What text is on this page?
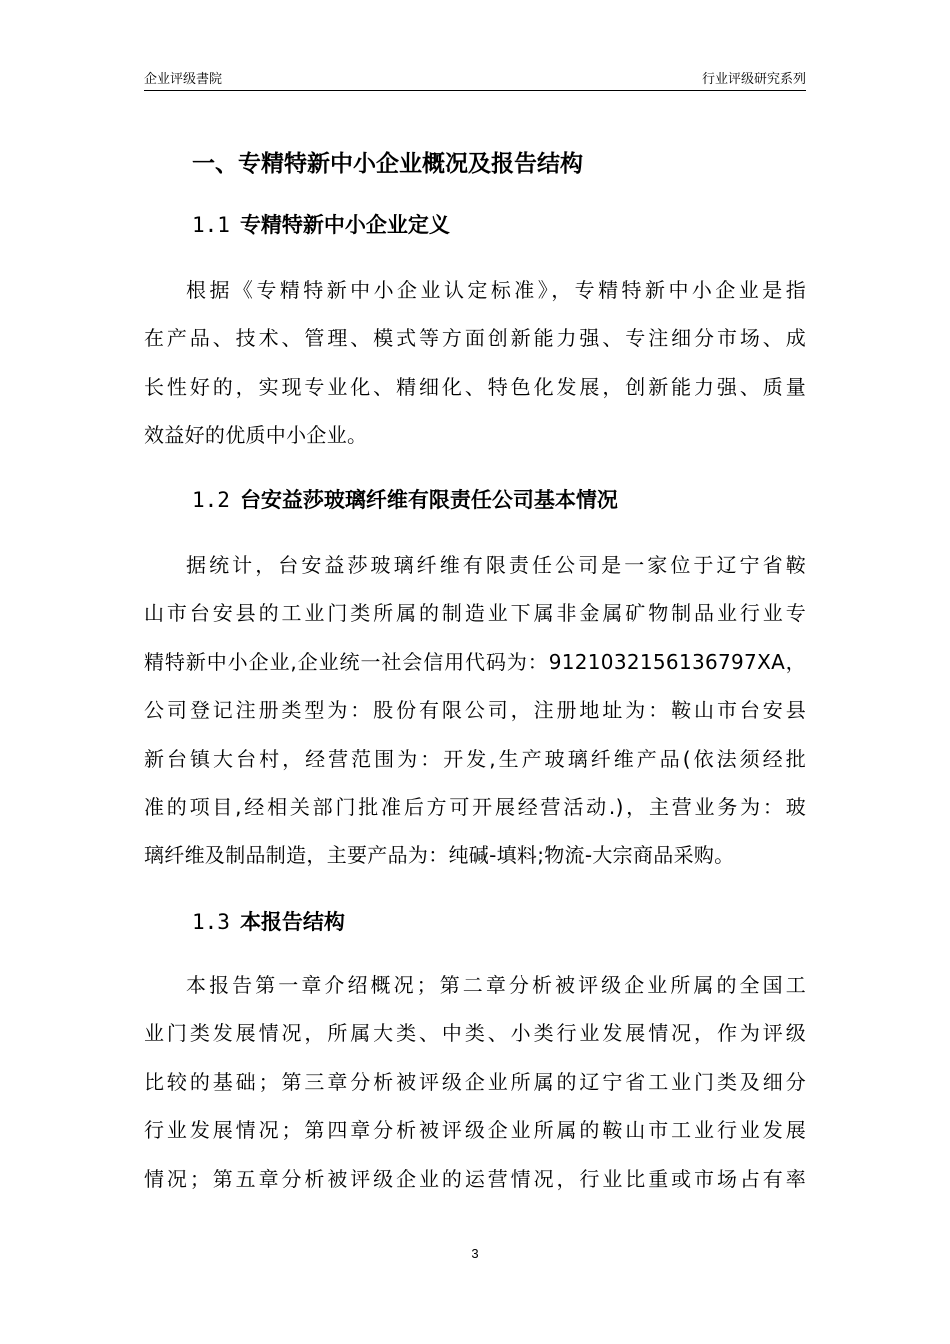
企业评级書院	行业评级研究系列
一、专精特新中小企业概况及报告结构
1.1 专精特新中小企业定义
根据《专精特新中小企业认定标准》，专精特新中小企业是指
在产品、技术、管理、模式等方面创新能力强、专注细分市场、成
长性好的，实现专业化、精细化、特色化发展，创新能力强、质量
效益好的优质中小企业。
1.2 台安益莎玻璃纤维有限责任公司基本情况
据统计，台安益莎玻璃纤维有限责任公司是一家位于辽宁省鞍
山市台安县的工业门类所属的制造业下属非金属矿物制品业行业专
精特新中小企业,企业统一社会信用代码为：9121032156136797XA，
公司登记注册类型为：股份有限公司，注册地址为：鞍山市台安县
新台镇大台村，经营范围为：开发,生产玻璃纤维产品(依法须经批
准的项目,经相关部门批准后方可开展经营活动.)，主营业务为：玻
璃纤维及制品制造，主要产品为：纯碱-填料;物流-大宗商品采购。
1.3 本报告结构
本报告第一章介绍概况；第二章分析被评级企业所属的全国工
业门类发展情况，所属大类、中类、小类行业发展情况，作为评级
比较的基础；第三章分析被评级企业所属的辽宁省工业门类及细分
行业发展情况；第四章分析被评级企业所属的鞍山市工业行业发展
情况；第五章分析被评级企业的运营情况，行业比重或市场占有率
3
